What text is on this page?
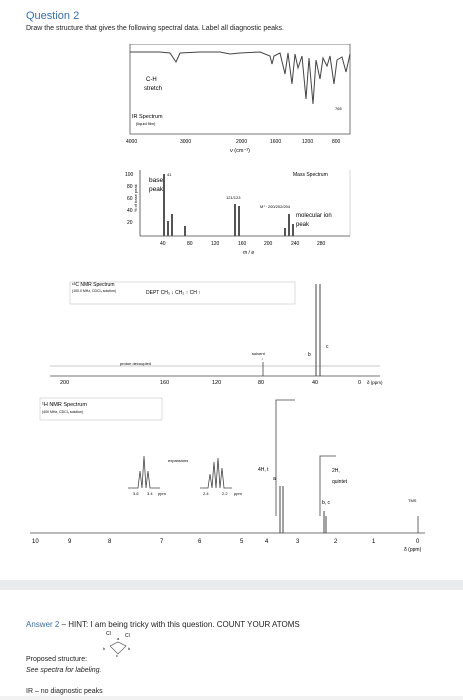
Question 2
Draw the structure that gives the following spectral data. Label all diagnostic peaks.
C-H
stretch
IR Spectrum
(liquid film)
765
4000	3000	2000	1600	1200	800
ν (cm⁻¹)
100
80
60
40
20
% of base peak
base
peak
41
121/123
M⁺· 200/202/204
Mass Spectrum
molecular ion
peak
40	80	120	160	200	240	280
m / e
¹³C NMR Spectrum
(100.0 MHz, CDCl₃ solution)	DEPT CH₃ ↓ CH₂ ↑ CH ↑
proton decoupled
solvent
↓
b
c
200	160	120	80	40	0 δ (ppm)
¹H NMR Spectrum
(400 MHz, CDCl₃ solution)
expansions
3.6 3.4 ppm	2.4	2.2 ppm
4H, t
a
2H,
quintet
b, c	TMS
10	9	8	7	6	5	4	3	2	1	0
δ (ppm)
Answer 2 – HINT: I am being tricky with this question. COUNT YOUR ATOMS
Cl	Cl
a
b	b
c
Proposed structure:
See spectra for labeling.
IR – no diagnostic peaks
